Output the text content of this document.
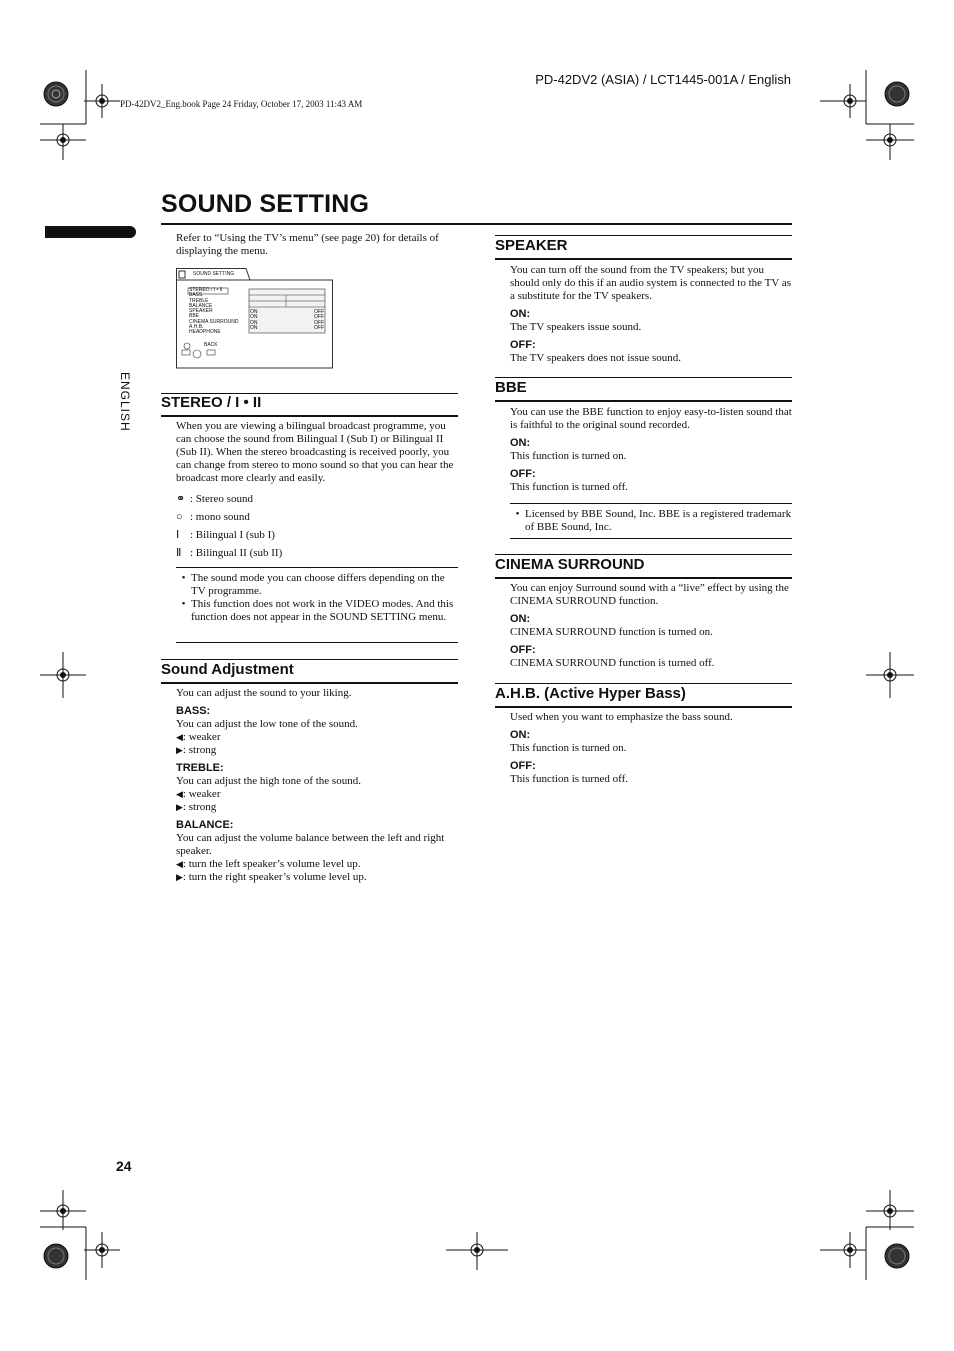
PD-42DV2 (ASIA) / LCT1445-001A / English
PD-42DV2_Eng.book Page 24 Friday, October 17, 2003 11:43 AM
SOUND SETTING
ENGLISH
24
Refer to “Using the TV’s menu” (see page 20) for details of displaying the menu.
SOUND SETTING
STEREO / I • II
BASS
TREBLE
BALANCE
SPEAKER
BBE
CINEMA SURROUND
A.H.B.
HEADPHONE
ON	OFF
ON	OFF
ON	OFF
ON	OFF
BACK
STEREO / I • II
When you are viewing a bilingual broadcast programme, you can choose the sound from Bilingual I (Sub I) or Bilingual II (Sub II). When the stereo broadcasting is received poorly, you can change from stereo to mono sound so that you can hear the broadcast more clearly and easily.
⚭ : Stereo sound
○ : mono sound
Ⅰ : Bilingual I (sub I)
Ⅱ : Bilingual II (sub II)
• The sound mode you can choose differs depending on the TV programme.
• This function does not work in the VIDEO modes. And this function does not appear in the SOUND SETTING menu.
Sound Adjustment
You can adjust the sound to your liking.
BASS:
You can adjust the low tone of the sound.
◀: weaker
▶: strong
TREBLE:
You can adjust the high tone of the sound.
◀: weaker
▶: strong
BALANCE:
You can adjust the volume balance between the left and right speaker.
◀: turn the left speaker’s volume level up.
▶: turn the right speaker’s volume level up.
SPEAKER
You can turn off the sound from the TV speakers; but you should only do this if an audio system is connected to the TV as a substitute for the TV speakers.
ON:
The TV speakers issue sound.
OFF:
The TV speakers does not issue sound.
BBE
You can use the BBE function to enjoy easy-to-listen sound that is faithful to the original sound recorded.
ON:
This function is turned on.
OFF:
This function is turned off.
• Licensed by BBE Sound, Inc. BBE is a registered trademark of BBE Sound, Inc.
CINEMA SURROUND
You can enjoy Surround sound with a “live” effect by using the CINEMA SURROUND function.
ON:
CINEMA SURROUND function is turned on.
OFF:
CINEMA SURROUND function is turned off.
A.H.B. (Active Hyper Bass)
Used when you want to emphasize the bass sound.
ON:
This function is turned on.
OFF:
This function is turned off.
